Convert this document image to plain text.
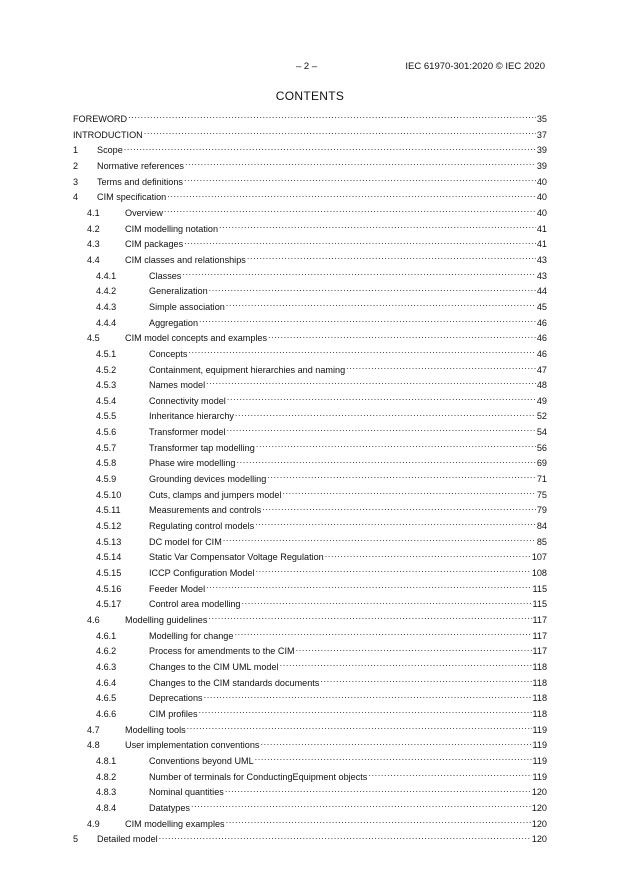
– 2 –	IEC 61970-301:2020 © IEC 2020
CONTENTS
FOREWORD .....	35
INTRODUCTION .....	37
1	Scope .....	39
2	Normative references .....	39
3	Terms and definitions .....	40
4	CIM specification .....	40
4.1	Overview .....	40
4.2	CIM modelling notation .....	41
4.3	CIM packages .....	41
4.4	CIM classes and relationships .....	43
4.4.1	Classes .....	43
4.4.2	Generalization .....	44
4.4.3	Simple association .....	45
4.4.4	Aggregation .....	46
4.5	CIM model concepts and examples .....	46
4.5.1	Concepts .....	46
4.5.2	Containment, equipment hierarchies and naming .....	47
4.5.3	Names model .....	48
4.5.4	Connectivity model .....	49
4.5.5	Inheritance hierarchy .....	52
4.5.6	Transformer model .....	54
4.5.7	Transformer tap modelling .....	56
4.5.8	Phase wire modelling .....	69
4.5.9	Grounding devices modelling .....	71
4.5.10	Cuts, clamps and jumpers model .....	75
4.5.11	Measurements and controls .....	79
4.5.12	Regulating control models .....	84
4.5.13	DC model for CIM .....	85
4.5.14	Static Var Compensator Voltage Regulation .....	107
4.5.15	ICCP Configuration Model .....	108
4.5.16	Feeder Model .....	115
4.5.17	Control area modelling .....	115
4.6	Modelling guidelines .....	117
4.6.1	Modelling for change .....	117
4.6.2	Process for amendments to the CIM .....	117
4.6.3	Changes to the CIM UML model .....	118
4.6.4	Changes to the CIM standards documents .....	118
4.6.5	Deprecations .....	118
4.6.6	CIM profiles .....	118
4.7	Modelling tools .....	119
4.8	User implementation conventions .....	119
4.8.1	Conventions beyond UML .....	119
4.8.2	Number of terminals for ConductingEquipment objects .....	119
4.8.3	Nominal quantities .....	120
4.8.4	Datatypes .....	120
4.9	CIM modelling examples .....	120
5	Detailed model .....	120
